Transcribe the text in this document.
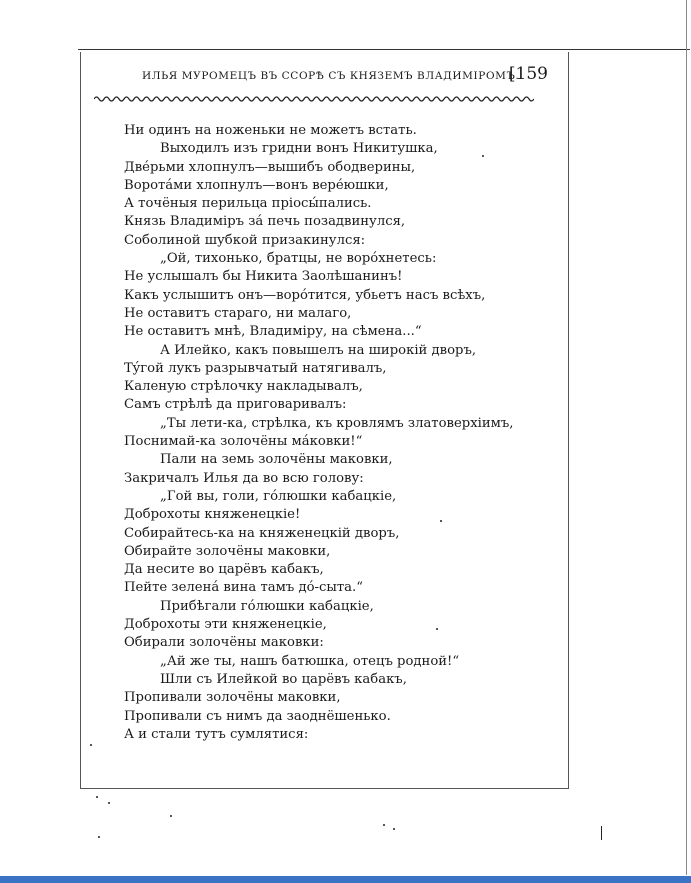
ИЛЬЯ МУРОМЕЦЪ ВЪ ССОРѢ СЪ КНЯЗЕМЪ ВЛАДИМІРОМЪ.
[159
Ни одинъ на ноженьки не можетъ встать.
Выходилъ изъ гридни вонъ Никитушка,
Двéрьми хлопнулъ—вышибъ ободверины,
Воротáми хлопнулъ—вонъ верéюшки,
А точёныя перильца пріосы́пались.
Князь Владиміръ зá печь позадвинулся,
Соболиной шубкой призакинулся:
„Ой, тихонько, братцы, не ворóхнетесь:
Не услышалъ бы Никита Заолѣшанинъ!
Какъ услышитъ онъ—ворóтится, убьетъ насъ всѣхъ,
Не оставитъ стараго, ни малаго,
Не оставитъ мнѣ, Владиміру, на сѣмена...“
А Илейко, какъ повышелъ на широкій дворъ,
Тýгой лукъ разрывчатый натягивалъ,
Каленую стрѣлочку накладывалъ,
Самъ стрѣлѣ да приговаривалъ:
„Ты лети-ка, стрѣлка, къ кровлямъ златоверхіимъ,
Поснимай-ка золочёны мáковки!“
Пали на земь золочёны маковки,
Закричалъ Илья да во всю голову:
„Гой вы, голи, гóлюшки кабацкіе,
Доброхоты княженецкіе!
Собирайтесь-ка на княженецкій дворъ,
Обирайте золочёны маковки,
Да несите во царёвъ кабакъ,
Пейте зеленá вина тамъ дó-сыта.“
Прибѣгали гóлюшки кабацкіе,
Доброхоты эти княженецкіе,
Обирали золочёны маковки:
„Ай же ты, нашъ батюшка, отецъ родной!“
Шли съ Илейкой во царёвъ кабакъ,
Пропивали золочёны маковки,
Пропивали съ нимъ да заоднёшенько.
А и стали тутъ сумлятися:
